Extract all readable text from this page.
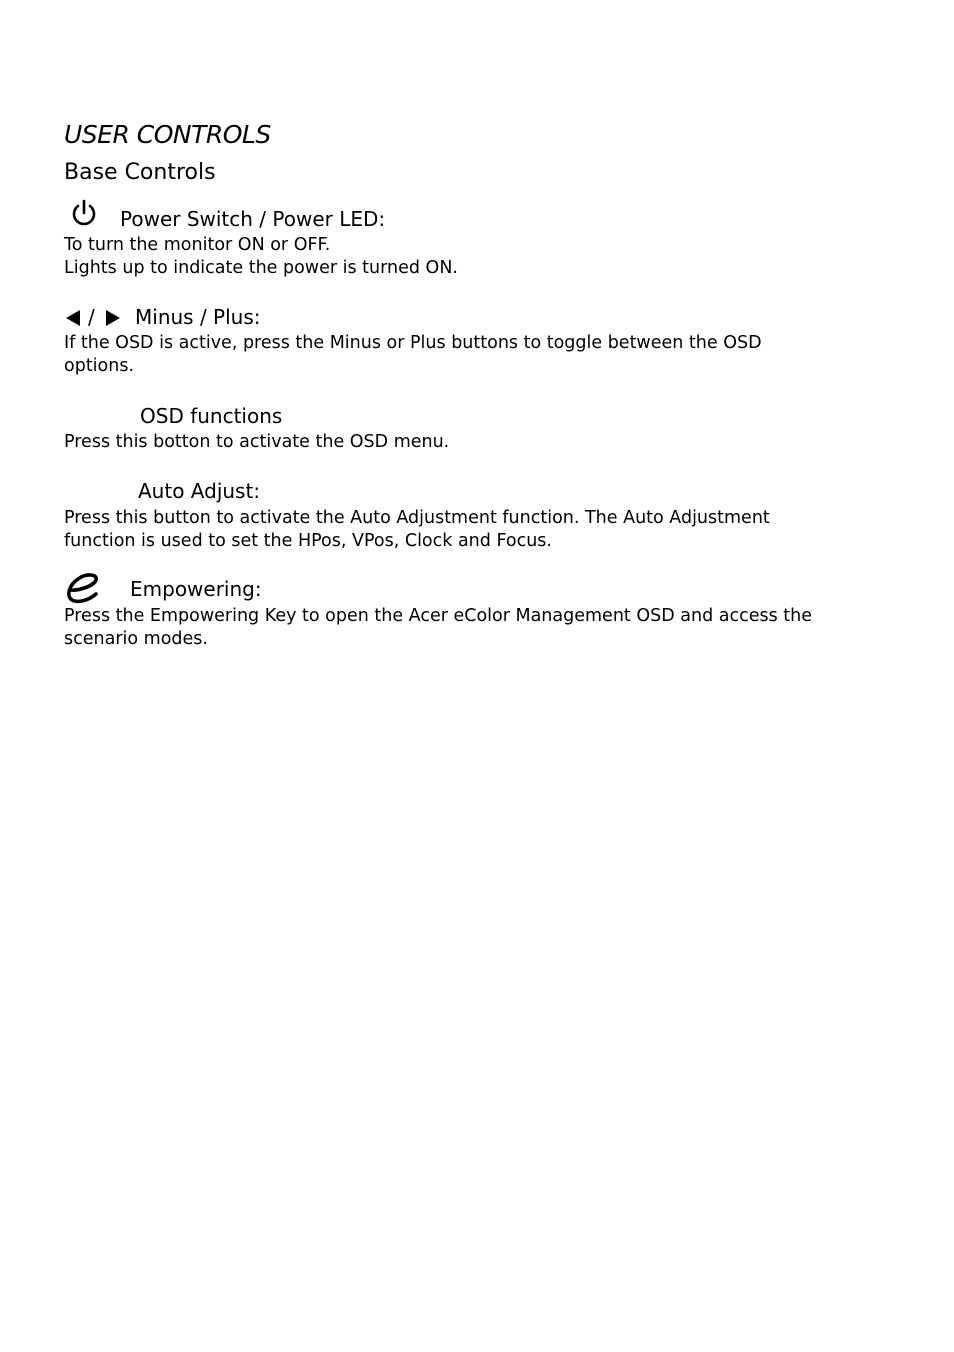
USER CONTROLS
Base Controls
Power Switch / Power LED:
To turn the monitor ON or OFF.
Lights up to indicate the power is turned ON.
/ Minus / Plus:
If the OSD is active, press the Minus or Plus buttons to toggle between the OSD
options.
OSD functions
Press this botton to activate the OSD menu.
Auto Adjust:
Press this button to activate the Auto Adjustment function. The Auto Adjustment
function is used to set the HPos, VPos, Clock and Focus.
Empowering:
Press the Empowering Key to open the Acer eColor Management OSD and access the
scenario modes.
